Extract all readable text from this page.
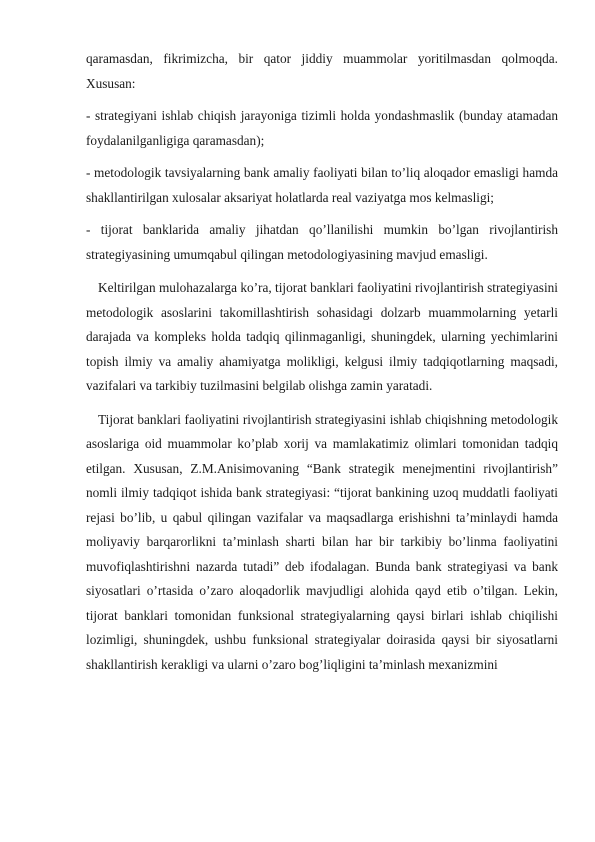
qaramasdan, fikrimizcha, bir qator jiddiy muammolar yoritilmasdan qolmoqda. Xususan:

- strategiyani ishlab chiqish jarayoniga tizimli holda yondashmaslik (bunday atamadan foydalanilganligiga qaramasdan);

- metodologik tavsiyalarning bank amaliy faoliyati bilan to’liq aloqador emasligi hamda shakllantirilgan xulosalar aksariyat holatlarda real vaziyatga mos kelmasligi;

- tijorat banklarida amaliy jihatdan qo’llanilishi mumkin bo’lgan rivojlantirish strategiyasining umumqabul qilingan metodologiyasining mavjud emasligi.

Keltirilgan mulohazalarga ko’ra, tijorat banklari faoliyatini rivojlantirish strategiyasini metodologik asoslarini takomillashtirish sohasidagi dolzarb muammolarning yetarli darajada va kompleks holda tadqiq qilinmaganligi, shuningdek, ularning yechimlarini topish ilmiy va amaliy ahamiyatga molikligi, kelgusi ilmiy tadqiqotlarning maqsadi, vazifalari va tarkibiy tuzilmasini belgilab olishga zamin yaratadi.

Tijorat banklari faoliyatini rivojlantirish strategiyasini ishlab chiqishning metodologik asoslariga oid muammolar ko’plab xorij va mamlakatimiz olimlari tomonidan tadqiq etilgan. Xususan, Z.M.Anisimovaning “Bank strategik menejmentini rivojlantirish” nomli ilmiy tadqiqot ishida bank strategiyasi: “tijorat bankining uzoq muddatli faoliyati rejasi bo’lib, u qabul qilingan vazifalar va maqsadlarga erishishni ta’minlaydi hamda moliyaviy barqarorlikni ta’minlash sharti bilan har bir tarkibiy bo’linma faoliyatini muvofiqlashtirishni nazarda tutadi” deb ifodalagan. Bunda bank strategiyasi va bank siyosatlari o’rtasida o’zaro aloqadorlik mavjudligi alohida qayd etib o’tilgan. Lekin, tijorat banklari tomonidan funksional strategiyalarning qaysi birlari ishlab chiqilishi lozimligi, shuningdek, ushbu funksional strategiyalar doirasida qaysi bir siyosatlarni shakllantirish kerakligi va ularni o’zaro bog’liqligini ta’minlash mexanizmini
